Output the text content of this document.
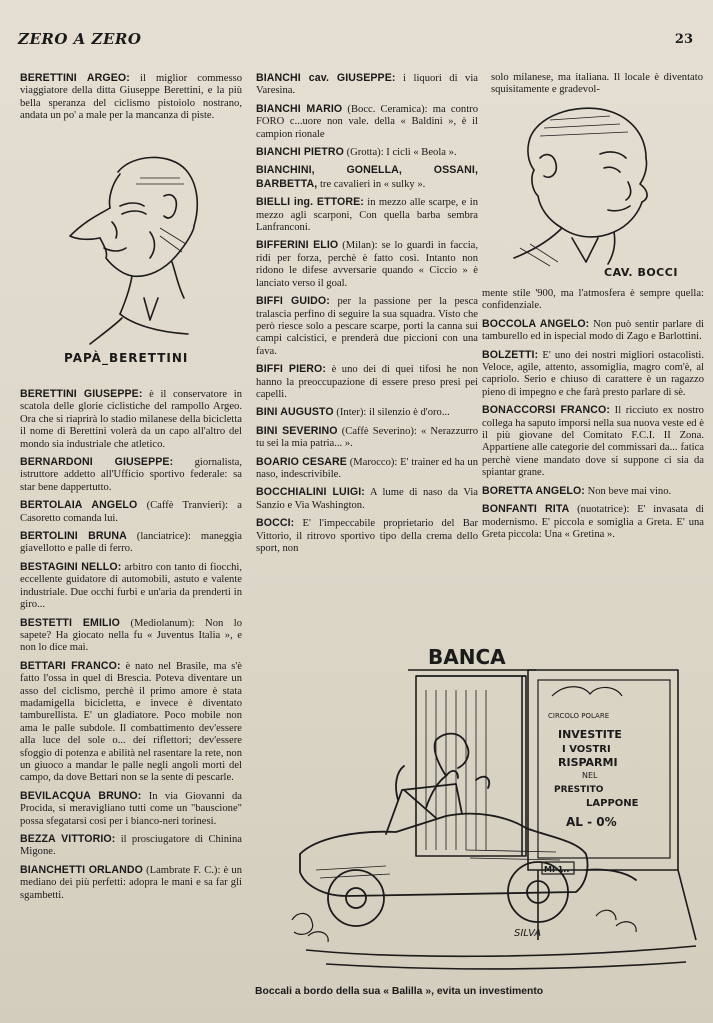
ZERO A ZERO	23

BERETTINI ARGEO: il miglior commesso viaggiatore della ditta Giuseppe Berettini, e la più bella speranza del ciclismo pistoiolo nostrano, andata un po' a male per la mancanza di piste.

PAPÀ_BERETTINI

BERETTINI GIUSEPPE: è il conservatore in scatola delle glorie ciclistiche del rampollo Argeo. Ora che si riaprirà lo stadio milanese della bicicletta il nome di Berettini volerà da un capo all'altro del mondo sia industriale che atletico.

BERNARDONI GIUSEPPE: giornalista, istruttore addetto all'Ufficio sportivo federale: sa star bene dappertutto.

BERTOLAIA ANGELO (Caffè Tranvieri): a Casoretto comanda lui.

BERTOLINI BRUNA (lanciatrice): maneggia giavellotto e palle di ferro.

BESTAGINI NELLO: arbitro con tanto di fiocchi, eccellente guidatore di automobili, astuto e valente industriale. Due occhi furbi e un'aria da prenderti in giro...

BESTETTI EMILIO (Mediolanum): Non lo sapete? Ha giocato nella fu « Juventus Italia », e non lo dice mai.

BETTARI FRANCO: è nato nel Brasile, ma s'è fatto l'ossa in quel di Brescia. Poteva diventare un asso del ciclismo, perchè il primo amore è stata madamigella bicicletta, e invece è diventato tamburellista. E' un gladiatore. Poco mobile non ama le palle subdole. Il combattimento dev'essere alla luce del sole o... dei riflettori; dev'essere sfoggio di potenza e abilità nel rasentare la rete, non un giuoco a mandar le palle negli angoli morti del campo, da dove Bettari non se la sente di pescarle.

BEVILACQUA BRUNO: In via Giovanni da Procida, si meravigliano tutti come un "bauscione" possa sfegatarsi così per i bianco-neri torinesi.

BEZZA VITTORIO: il prosciugatore di Chinina Migone.

BIANCHETTI ORLANDO (Lambrate F. C.): è un mediano dei più perfetti: adopra le mani e sa far gli sgambetti.

BIANCHI cav. GIUSEPPE: i liquori di via Varesina.

BIANCHI MARIO (Bocc. Ceramica): ma contro FORO c...uore non vale. della « Baldini », è il campion rionale

BIANCHI PIETRO (Grotta): I cicli « Beola ».

BIANCHINI, GONELLA, OSSANI, BARBETTA, tre cavalieri in « sulky ».

BIELLI ing. ETTORE: in mezzo alle scarpe, e in mezzo agli scarponi, Con quella barba sembra Lanfranconi.

BIFFERINI ELIO (Milan): se lo guardi in faccia, ridi per forza, perchè è fatto così. Intanto non ridono le difese avversarie quando « Ciccio » è lanciato verso il goal.

BIFFI GUIDO: per la passione per la pesca tralascia perfino di seguire la sua squadra. Visto che però riesce solo a pescare scarpe, porti la canna sui campi calcistici, e prenderà due piccioni con una fava.

BIFFI PIERO: è uno dei di quei tifosi he non hanno la preoccupazione di essere preso presi pei capelli.

BINI AUGUSTO (Inter): il silenzio è d'oro...

BINI SEVERINO (Caffè Severino): « Nerazzurro tu sei la mia patria... ».

BOARIO CESARE (Marocco): E' trainer ed ha un naso, indescrivibile.

BOCCHIALINI LUIGI: A lume di naso da Via Sanzio e Via Washington.

BOCCI: E' l'impeccabile proprietario del Bar Vittorio, il ritrovo sportivo tipo della crema dello sport, non

solo milanese, ma italiana. Il locale è diventato squisitamente e gradevol-

CAV. BOCCI

mente stile '900, ma l'atmosfera è sempre quella: confidenziale.

BOCCOLA ANGELO: Non può sentir parlare di tamburello ed in ispecial modo di Zago e Barlottini.

BOLZETTI: E' uno dei nostri migliori ostacolisti. Veloce, agile, attento, assomiglia, magro com'è, al capriolo. Serio e chiuso di carattere è un ragazzo pieno di impegno e che farà presto parlare di sè.

BONACCORSI FRANCO: Il ricciuto ex nostro collega ha saputo imporsi nella sua nuova veste ed è il più giovane del Comitato F.C.I. II Zona. Appartiene alle categorie del commissari da... fatica perchè viene mandato dove si suppone ci sia da spiantar grane.

BORETTA ANGELO: Non beve mai vino.

BONFANTI RITA (nuotatrice): E' invasata di modernismo. E' piccola e somiglia a Greta. E' una Greta piccola: Una « Gretina ».

BANCA
CIRCOLO POLARE
INVESTITE
I VOSTRI
RISPARMI
NEL
PRESTITO
LAPPONE
AL - 0%
MI 1..
SILVA
Boccali a bordo della sua « Balilla », evita un investimento
